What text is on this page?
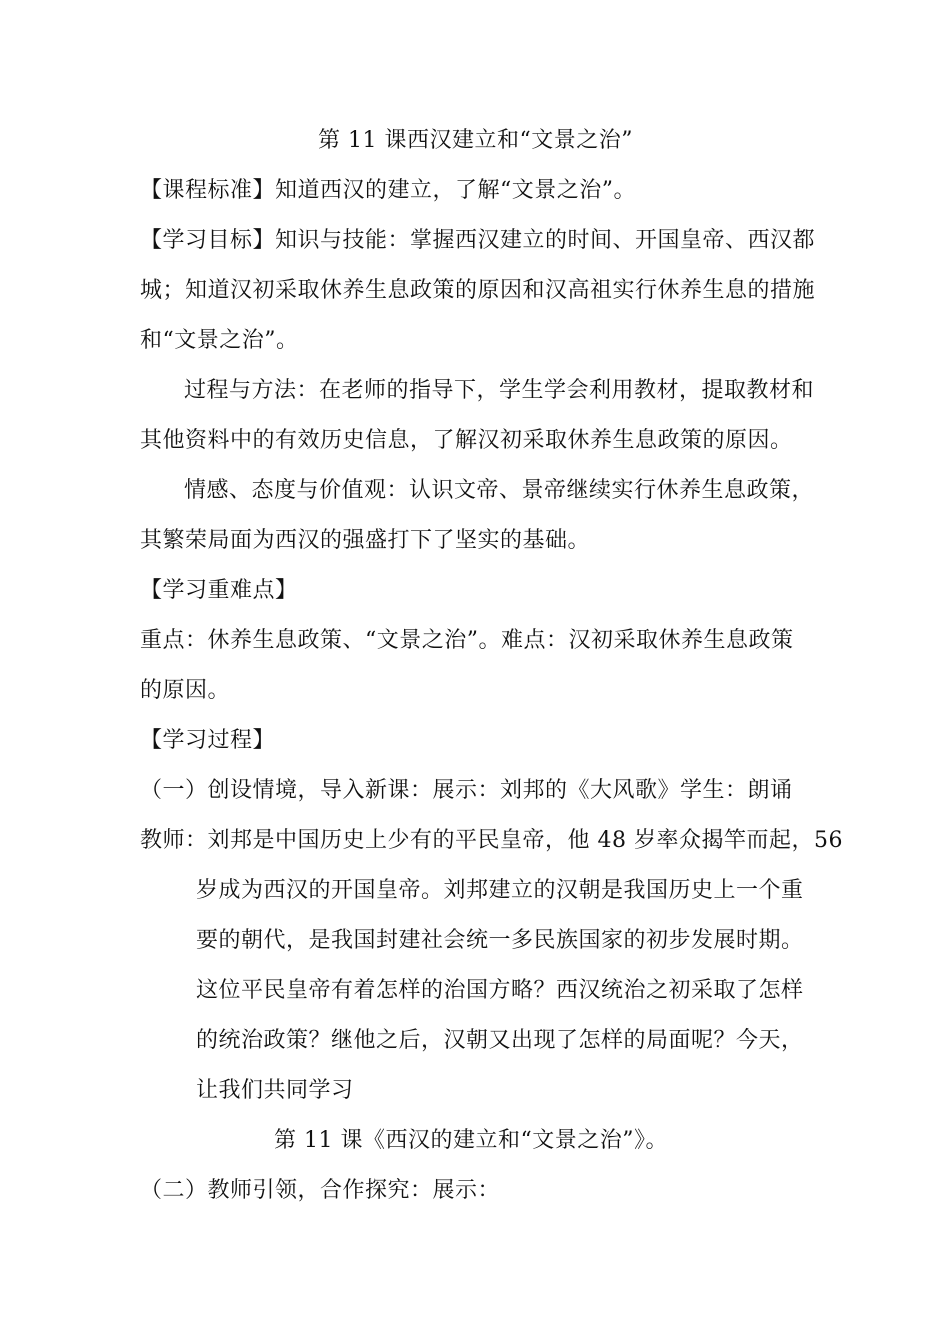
第 11 课西汉建立和“文景之治”
【课程标准】知道西汉的建立，了解“文景之治”。
【学习目标】知识与技能：掌握西汉建立的时间、开国皇帝、西汉都
城；知道汉初采取休养生息政策的原因和汉高祖实行休养生息的措施
和“文景之治”。
过程与方法：在老师的指导下，学生学会利用教材，提取教材和
其他资料中的有效历史信息，了解汉初采取休养生息政策的原因。
情感、态度与价值观：认识文帝、景帝继续实行休养生息政策，
其繁荣局面为西汉的强盛打下了坚实的基础。
【学习重难点】
重点：休养生息政策、“文景之治”。难点：汉初采取休养生息政策
的原因。
【学习过程】
（一）创设情境，导入新课：展示：刘邦的《大风歌》学生：朗诵
教师：刘邦是中国历史上少有的平民皇帝，他 48 岁率众揭竿而起，56
岁成为西汉的开国皇帝。刘邦建立的汉朝是我国历史上一个重
要的朝代，是我国封建社会统一多民族国家的初步发展时期。
这位平民皇帝有着怎样的治国方略？西汉统治之初采取了怎样
的统治政策？继他之后，汉朝又出现了怎样的局面呢？今天，
让我们共同学习
第 11 课《西汉的建立和“文景之治”》。
（二）教师引领，合作探究：展示：
